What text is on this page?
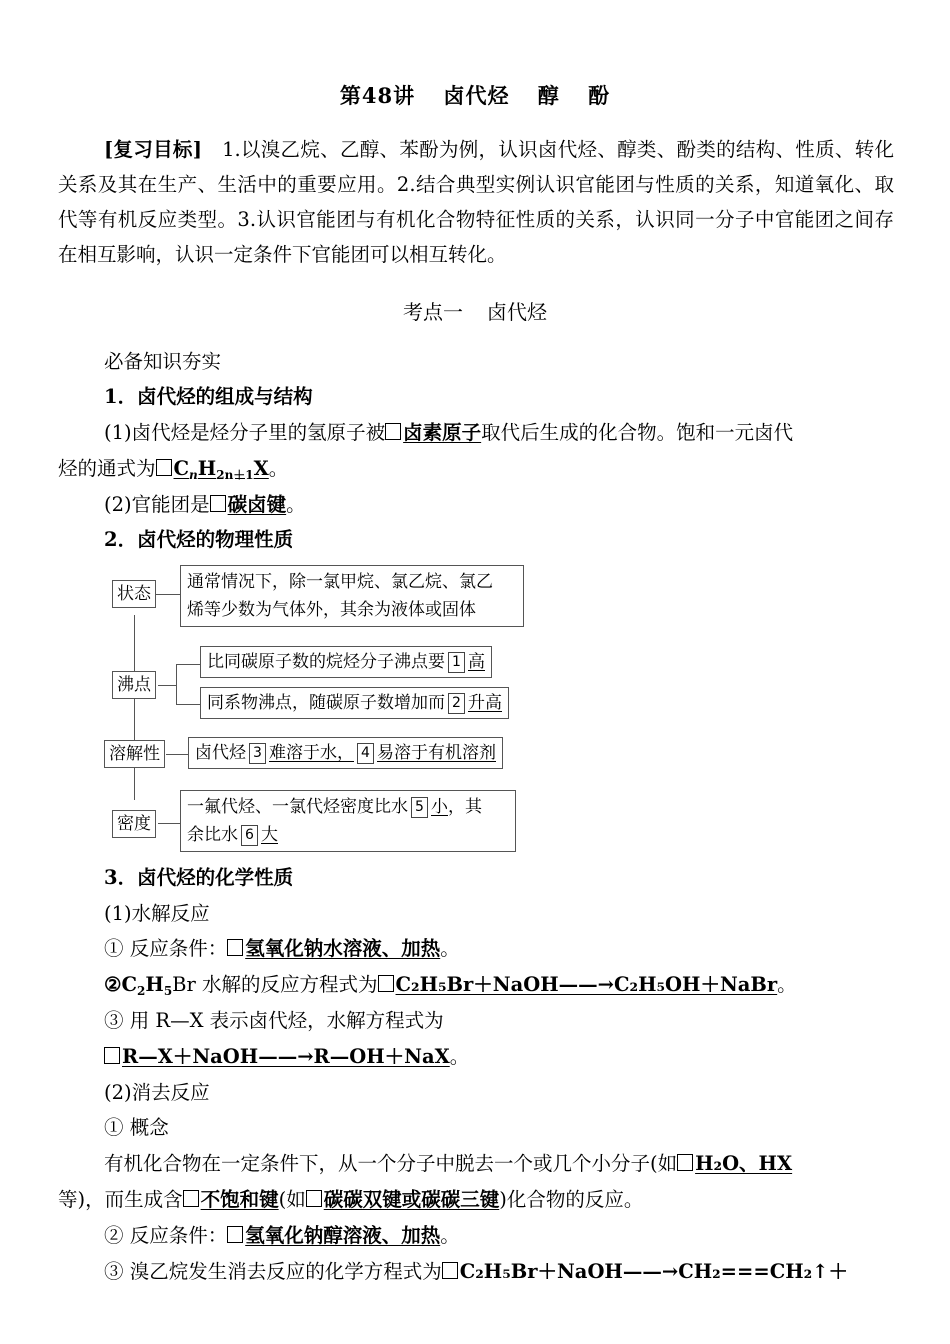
第48讲 卤代烃 醇 酚
[复习目标]　 1.以溴乙烷、乙醇、苯酚为例，认识卤代烃、醇类、酚类的结构、性质、转化关系及其在生产、生活中的重要应用。2.结合典型实例认识官能团与性质的关系，知道氧化、取代等有机反应类型。3.认识官能团与有机化合物特征性质的关系，认识同一分子中官能团之间存在相互影响，认识一定条件下官能团可以相互转化。
考点一 卤代烃
必备知识夯实
1．卤代烃的组成与结构
(1)卤代烃是烃分子里的氢原子被 卤素原子取代后生成的化合物。饱和一元卤代
烃的通式为 $C_nH_{2n+1}X$。
(2)官能团是 碳卤键。
2．卤代烃的物理性质
状态
通常情况下，除一氯甲烷、氯乙烷、氯乙
烯等少数为气体外，其余为液体或固体
沸点
比同碳原子数的烷烃分子沸点要 1 高
同系物沸点，随碳原子数增加而 2 升高
溶解性	卤代烃 3 难溶于水， 4 易溶于有机溶剂
密度
一氟代烃、一氯代烃密度比水 5 小，其
余比水 6 大
3．卤代烃的化学性质
(1)水解反应
① 反应条件： 氢氧化钠水溶液、加热。
$②C_2H_5Br$ 水解的反应方程式为 C₂H₅Br＋NaOH——→C₂H₅OH＋NaBr。
③ 用 R—X 表示卤代烃，水解方程式为
R—X＋NaOH——→R—OH＋NaX。
(2)消去反应
① 概念
有机化合物在一定条件下，从一个分子中脱去一个或几个小分子(如 H₂O、HX
等)，而生成含 不饱和键(如 碳碳双键或碳碳三键)化合物的反应。
② 反应条件： 氢氧化钠醇溶液、加热。
③ 溴乙烷发生消去反应的化学方程式为 C₂H₅Br＋NaOH——→CH₂===CH₂↑＋
